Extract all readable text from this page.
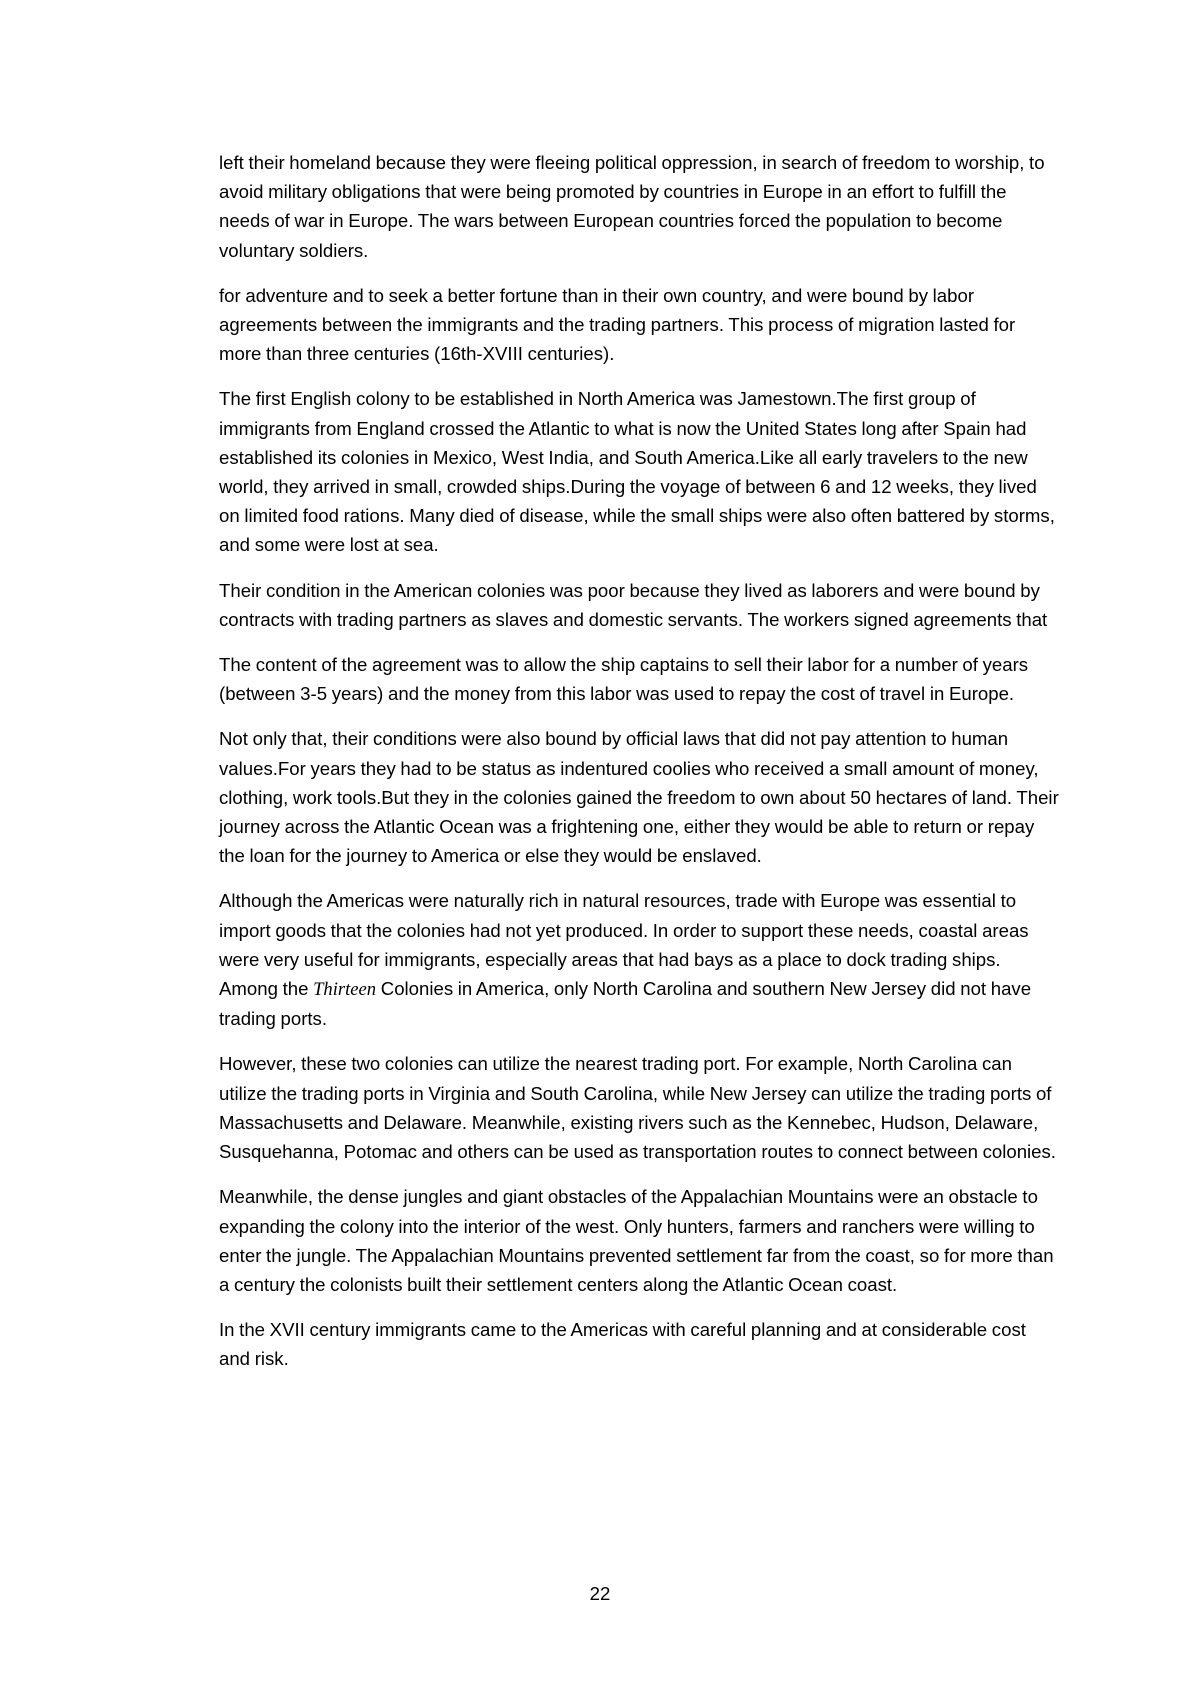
left their homeland because they were fleeing political oppression, in search of freedom to worship, to avoid military obligations that were being promoted by countries in Europe in an effort to fulfill the needs of war in Europe. The wars between European countries forced the population to become voluntary soldiers.

for adventure and to seek a better fortune than in their own country, and were bound by labor agreements between the immigrants and the trading partners. This process of migration lasted for more than three centuries (16th-XVIII centuries).

The first English colony to be established in North America was Jamestown.The first group of immigrants from England crossed the Atlantic to what is now the United States long after Spain had established its colonies in Mexico, West India, and South America.Like all early travelers to the new world, they arrived in small, crowded ships.During the voyage of between 6 and 12 weeks, they lived on limited food rations. Many died of disease, while the small ships were also often battered by storms, and some were lost at sea.

Their condition in the American colonies was poor because they lived as laborers and were bound by contracts with trading partners as slaves and domestic servants. The workers signed agreements that

The content of the agreement was to allow the ship captains to sell their labor for a number of years (between 3-5 years) and the money from this labor was used to repay the cost of travel in Europe.

Not only that, their conditions were also bound by official laws that did not pay attention to human values.For years they had to be status as indentured coolies who received a small amount of money, clothing, work tools.But they in the colonies gained the freedom to own about 50 hectares of land. Their journey across the Atlantic Ocean was a frightening one, either they would be able to return or repay the loan for the journey to America or else they would be enslaved.

Although the Americas were naturally rich in natural resources, trade with Europe was essential to import goods that the colonies had not yet produced. In order to support these needs, coastal areas were very useful for immigrants, especially areas that had bays as a place to dock trading ships. Among the Thirteen Colonies in America, only North Carolina and southern New Jersey did not have trading ports.

However, these two colonies can utilize the nearest trading port. For example, North Carolina can utilize the trading ports in Virginia and South Carolina, while New Jersey can utilize the trading ports of Massachusetts and Delaware. Meanwhile, existing rivers such as the Kennebec, Hudson, Delaware, Susquehanna, Potomac and others can be used as transportation routes to connect between colonies.

Meanwhile, the dense jungles and giant obstacles of the Appalachian Mountains were an obstacle to expanding the colony into the interior of the west. Only hunters, farmers and ranchers were willing to enter the jungle. The Appalachian Mountains prevented settlement far from the coast, so for more than a century the colonists built their settlement centers along the Atlantic Ocean coast.

In the XVII century immigrants came to the Americas with careful planning and at considerable cost and risk.

22
